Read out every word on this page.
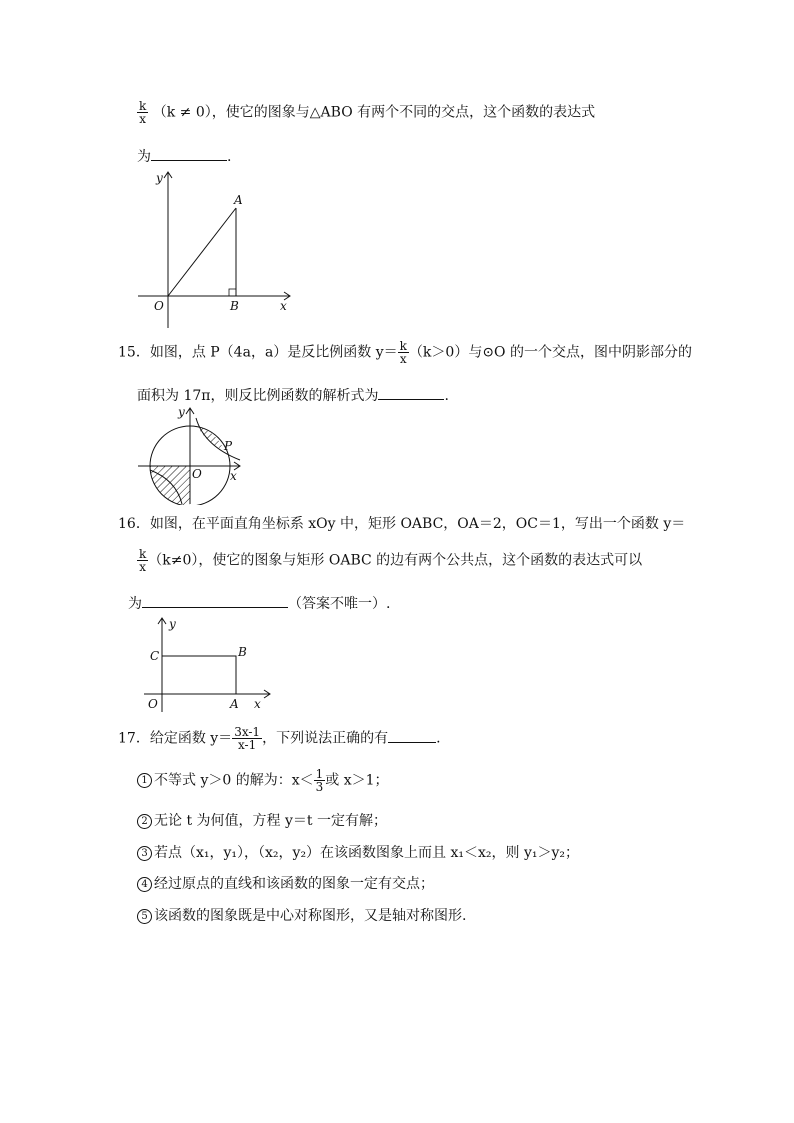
$\frac{k}{x} (k \ne 0)$，使它的图象与△ABO 有两个不同的交点，这个函数的表达式
为	.
y
A
O	B	x
15．如图，点 P（4a，a）是反比例函数 $y= \frac{k}{x} (k>0)$与⊙O 的一个交点，图中阴影部分的
面积为 17π，则反比例函数的解析式为	.
y
P
O x
16．如图，在平面直角坐标系 xOy 中，矩形 OABC，OA＝2，OC＝1，写出一个函数 y＝
$\frac{k}{x} (k\ne 0)$，使它的图象与矩形 OABC 的边有两个公共点，这个函数的表达式可以
为	（答案不唯一）.
y
C	B
O	A x
17．给定函数 $y= \frac{3x-1}{x-1}$ ，下列说法正确的有	.
1 不等式 y＞0 的解为：$x< \frac{1}{3}$ 或 x＞1；
2 无论 t 为何值，方程 y＝t 一定有解；
3 若点（x₁，y₁），（x₂，y₂）在该函数图象上而且 x₁＜x₂，则 y₁＞y₂；
4 经过原点的直线和该函数的图象一定有交点；
5 该函数的图象既是中心对称图形，又是轴对称图形.
